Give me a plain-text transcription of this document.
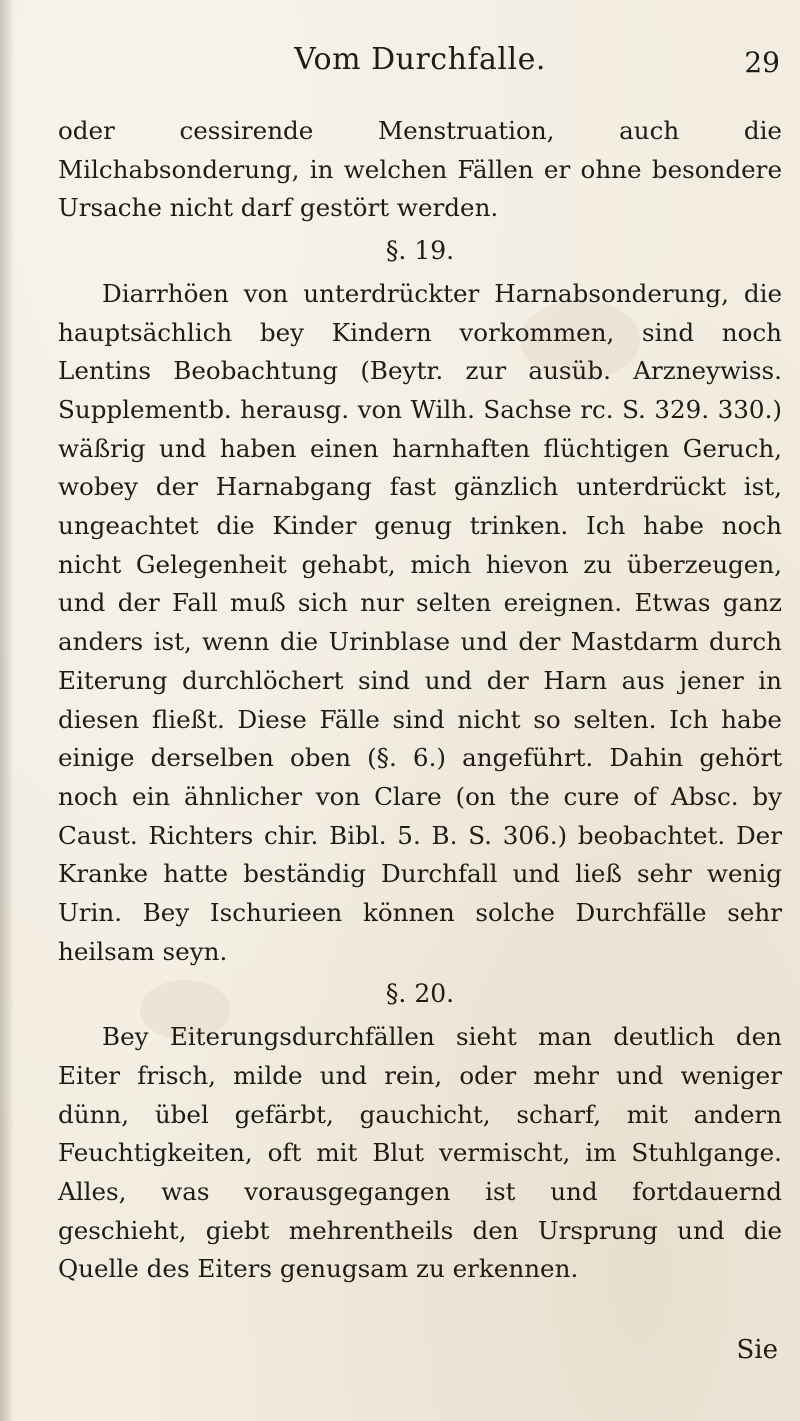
Vom Durchfalle.	29

oder cessirende Menstruation, auch die Milchabsonderung, in welchen Fällen er ohne besondere Ursache nicht darf gestört werden.

§. 19.

Diarrhöen von unterdrückter Harnabsonderung, die hauptsächlich bey Kindern vorkommen, sind noch Lentins Beobachtung (Beytr. zur ausüb. Arzneywiss. Supplementb. herausg. von Wilh. Sachse rc. S. 329. 330.) wäßrig und haben einen harnhaften flüchtigen Geruch, wobey der Harnabgang fast gänzlich unterdrückt ist, ungeachtet die Kinder genug trinken. Ich habe noch nicht Gelegenheit gehabt, mich hievon zu überzeugen, und der Fall muß sich nur selten ereignen. Etwas ganz anders ist, wenn die Urinblase und der Mastdarm durch Eiterung durchlöchert sind und der Harn aus jener in diesen fließt. Diese Fälle sind nicht so selten. Ich habe einige derselben oben (§. 6.) angeführt. Dahin gehört noch ein ähnlicher von Clare (on the cure of Absc. by Caust. Richters chir. Bibl. 5. B. S. 306.) beobachtet. Der Kranke hatte beständig Durchfall und ließ sehr wenig Urin. Bey Ischurieen können solche Durchfälle sehr heilsam seyn.

§. 20.

Bey Eiterungsdurchfällen sieht man deutlich den Eiter frisch, milde und rein, oder mehr und weniger dünn, übel gefärbt, gauchicht, scharf, mit andern Feuchtigkeiten, oft mit Blut vermischt, im Stuhlgange. Alles, was vorausgegangen ist und fortdauernd geschieht, giebt mehrentheils den Ursprung und die Quelle des Eiters genugsam zu erkennen.

Sie
